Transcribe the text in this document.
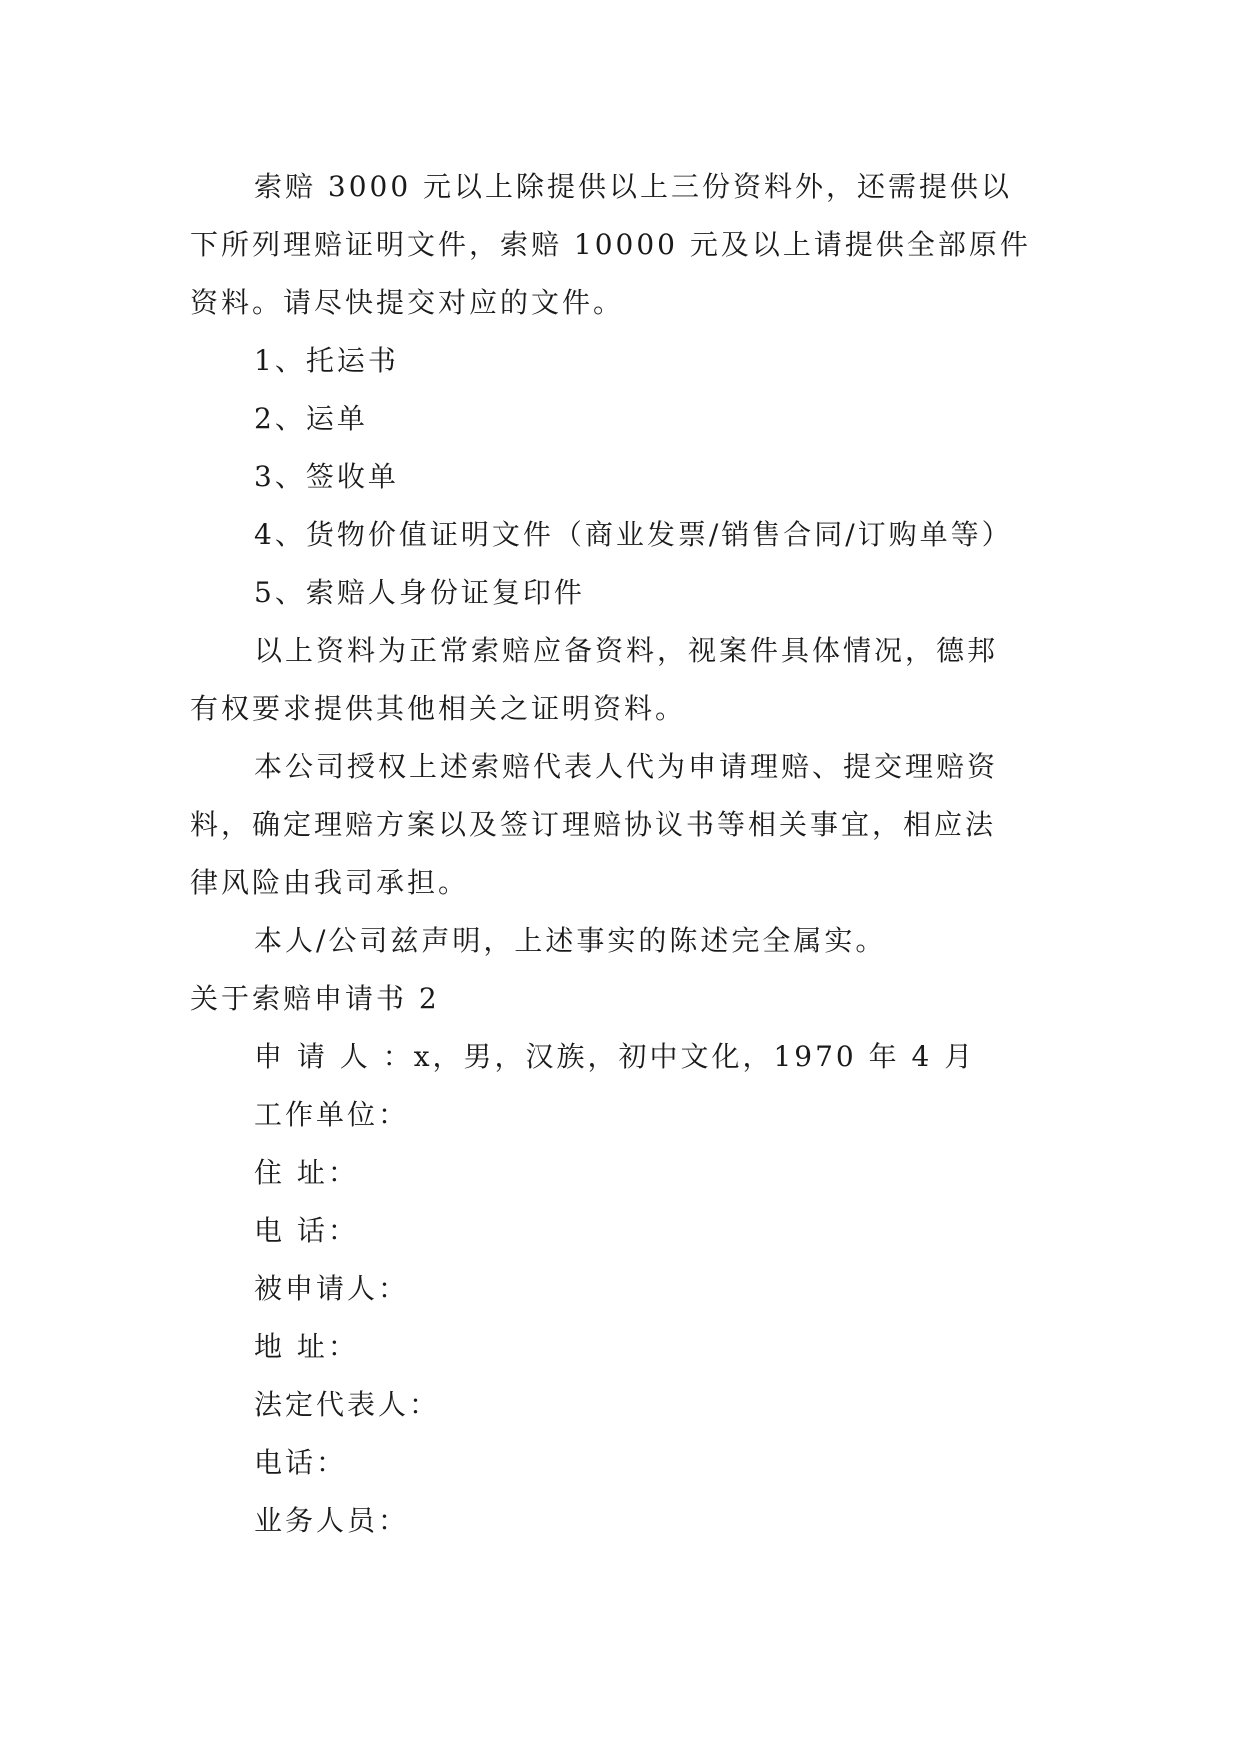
索赔 3000 元以上除提供以上三份资料外，还需提供以
下所列理赔证明文件，索赔 10000 元及以上请提供全部原件
资料。请尽快提交对应的文件。
1、托运书
2、运单
3、签收单
4、货物价值证明文件（商业发票/销售合同/订购单等）
5、索赔人身份证复印件
以上资料为正常索赔应备资料，视案件具体情况，德邦
有权要求提供其他相关之证明资料。
本公司授权上述索赔代表人代为申请理赔、提交理赔资
料，确定理赔方案以及签订理赔协议书等相关事宜，相应法
律风险由我司承担。
本人/公司兹声明，上述事实的陈述完全属实。
关于索赔申请书 2
申 请 人 ：x，男，汉族，初中文化，1970 年 4 月
工作单位：
住 址：
电 话：
被申请人：
地 址：
法定代表人：
电话：
业务人员：
